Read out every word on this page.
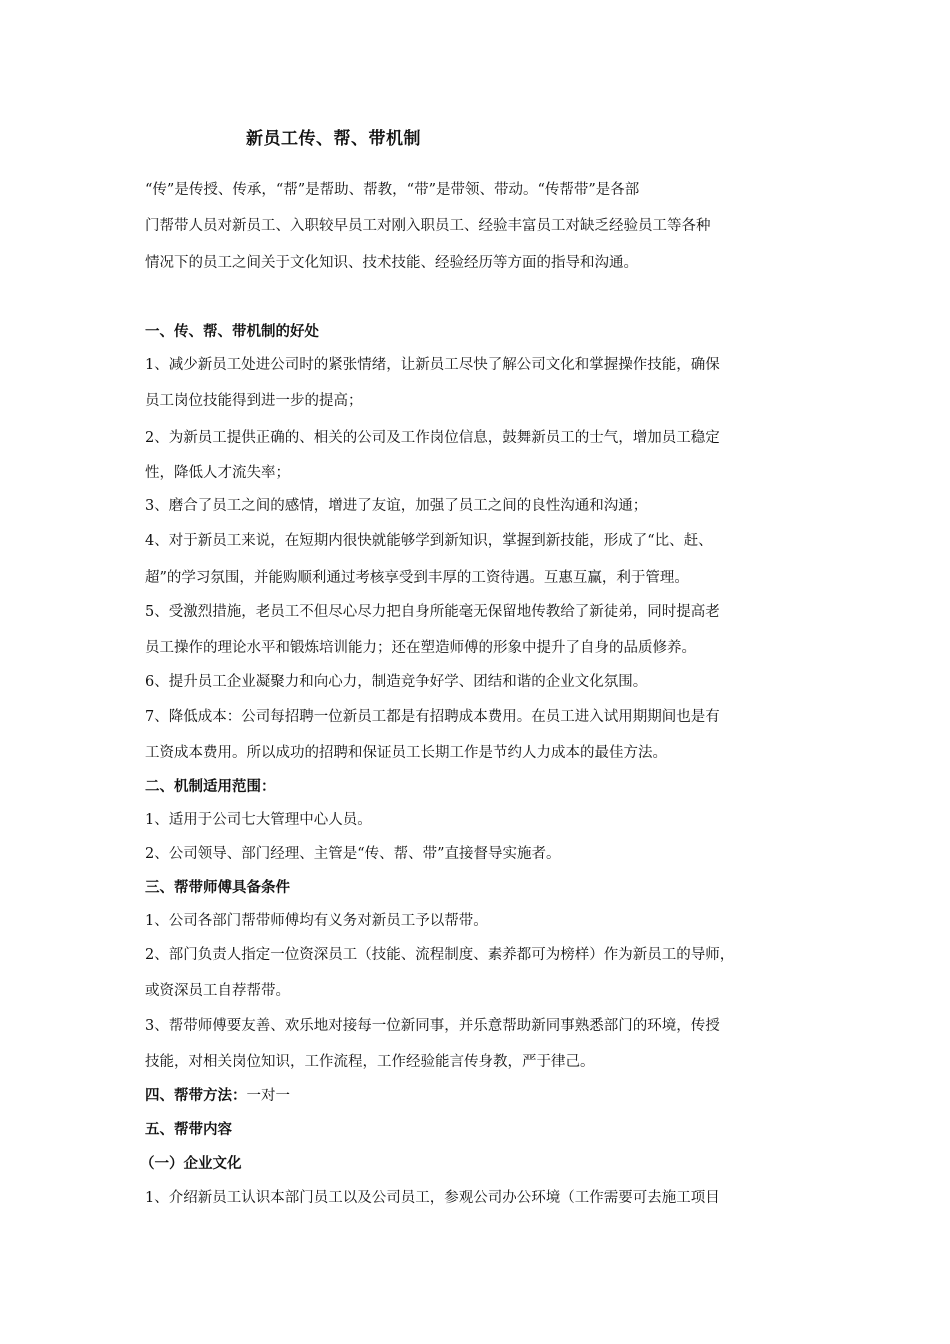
新员工传、帮、带机制
“传”是传授、传承，“帮”是帮助、帮教，“带”是带领、带动。“传帮带”是各部
门帮带人员对新员工、入职较早员工对刚入职员工、经验丰富员工对缺乏经验员工等各种
情况下的员工之间关于文化知识、技术技能、经验经历等方面的指导和沟通。
一、传、帮、带机制的好处
1、减少新员工处进公司时的紧张情绪，让新员工尽快了解公司文化和掌握操作技能，确保
员工岗位技能得到进一步的提高；
2、为新员工提供正确的、相关的公司及工作岗位信息，鼓舞新员工的士气，增加员工稳定
性，降低人才流失率；
3、磨合了员工之间的感情，增进了友谊，加强了员工之间的良性沟通和沟通；
4、对于新员工来说，在短期内很快就能够学到新知识，掌握到新技能，形成了“比、赶、
超”的学习氛围，并能购顺利通过考核享受到丰厚的工资待遇。互惠互赢，利于管理。
5、受激烈措施，老员工不但尽心尽力把自身所能毫无保留地传教给了新徒弟，同时提高老
员工操作的理论水平和锻炼培训能力；还在塑造师傅的形象中提升了自身的品质修养。
6、提升员工企业凝聚力和向心力，制造竞争好学、团结和谐的企业文化氛围。
7、降低成本：公司每招聘一位新员工都是有招聘成本费用。在员工进入试用期期间也是有
工资成本费用。所以成功的招聘和保证员工长期工作是节约人力成本的最佳方法。
二、机制适用范围：
1、适用于公司七大管理中心人员。
2、公司领导、部门经理、主管是“传、帮、带”直接督导实施者。
三、帮带师傅具备条件
1、公司各部门帮带师傅均有义务对新员工予以帮带。
2、部门负责人指定一位资深员工（技能、流程制度、素养都可为榜样）作为新员工的导师，
或资深员工自荐帮带。
3、帮带师傅要友善、欢乐地对接每一位新同事，并乐意帮助新同事熟悉部门的环境，传授
技能，对相关岗位知识，工作流程，工作经验能言传身教，严于律己。
四、帮带方法：一对一
五、帮带内容
（一）企业文化
1、介绍新员工认识本部门员工以及公司员工，参观公司办公环境（工作需要可去施工项目
